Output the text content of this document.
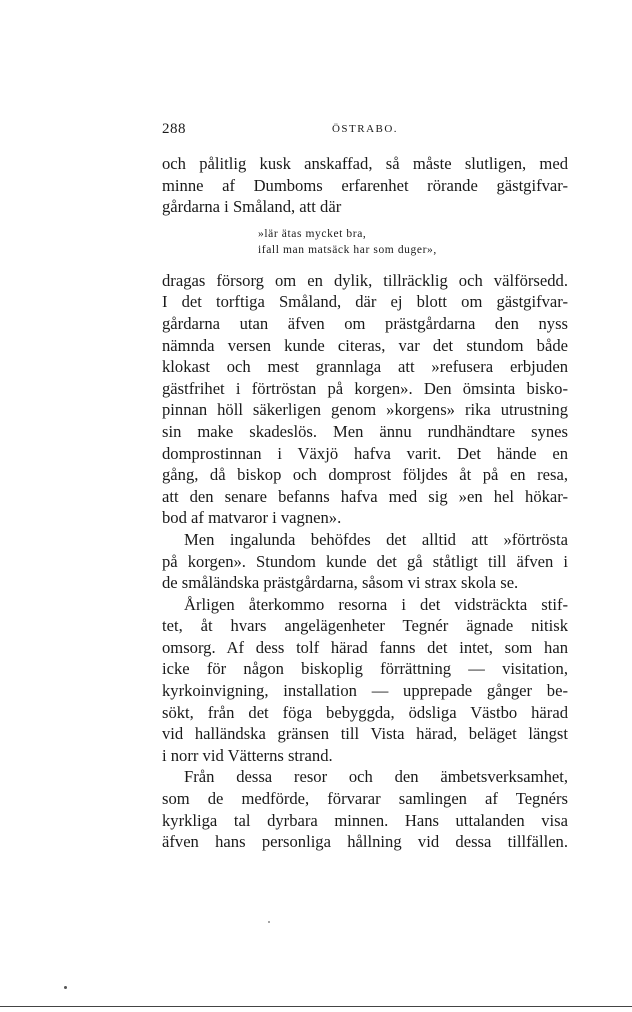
288	ÖSTRABO.
och pålitlig kusk anskaffad, så måste slutligen, med
minne af Dumboms erfarenhet rörande gästgifvar-
gårdarna i Småland, att där
»lär ätas mycket bra,
ifall man matsäck har som duger»,
dragas försorg om en dylik, tillräcklig och välförsedd.
I det torftiga Småland, där ej blott om gästgifvar-
gårdarna utan äfven om prästgårdarna den nyss
nämnda versen kunde citeras, var det stundom både
klokast och mest grannlaga att »refusera erbjuden
gästfrihet i förtröstan på korgen». Den ömsinta bisko-
pinnan höll säkerligen genom »korgens» rika utrustning
sin make skadeslös. Men ännu rundhändtare synes
domprostinnan i Växjö hafva varit. Det hände en
gång, då biskop och domprost följdes åt på en resa,
att den senare befanns hafva med sig »en hel hökar-
bod af matvaror i vagnen».
Men ingalunda behöfdes det alltid att »förtrösta
på korgen». Stundom kunde det gå ståtligt till äfven i
de småländska prästgårdarna, såsom vi strax skola se.
Årligen återkommo resorna i det vidsträckta stif-
tet, åt hvars angelägenheter Tegnér ägnade nitisk
omsorg. Af dess tolf härad fanns det intet, som han
icke för någon biskoplig förrättning — visitation,
kyrkoinvigning, installation — upprepade gånger be-
sökt, från det föga bebyggda, ödsliga Västbo härad
vid halländska gränsen till Vista härad, beläget längst
i norr vid Vätterns strand.
Från dessa resor och den ämbetsverksamhet,
som de medförde, förvarar samlingen af Tegnérs
kyrkliga tal dyrbara minnen. Hans uttalanden visa
äfven hans personliga hållning vid dessa tillfällen.
